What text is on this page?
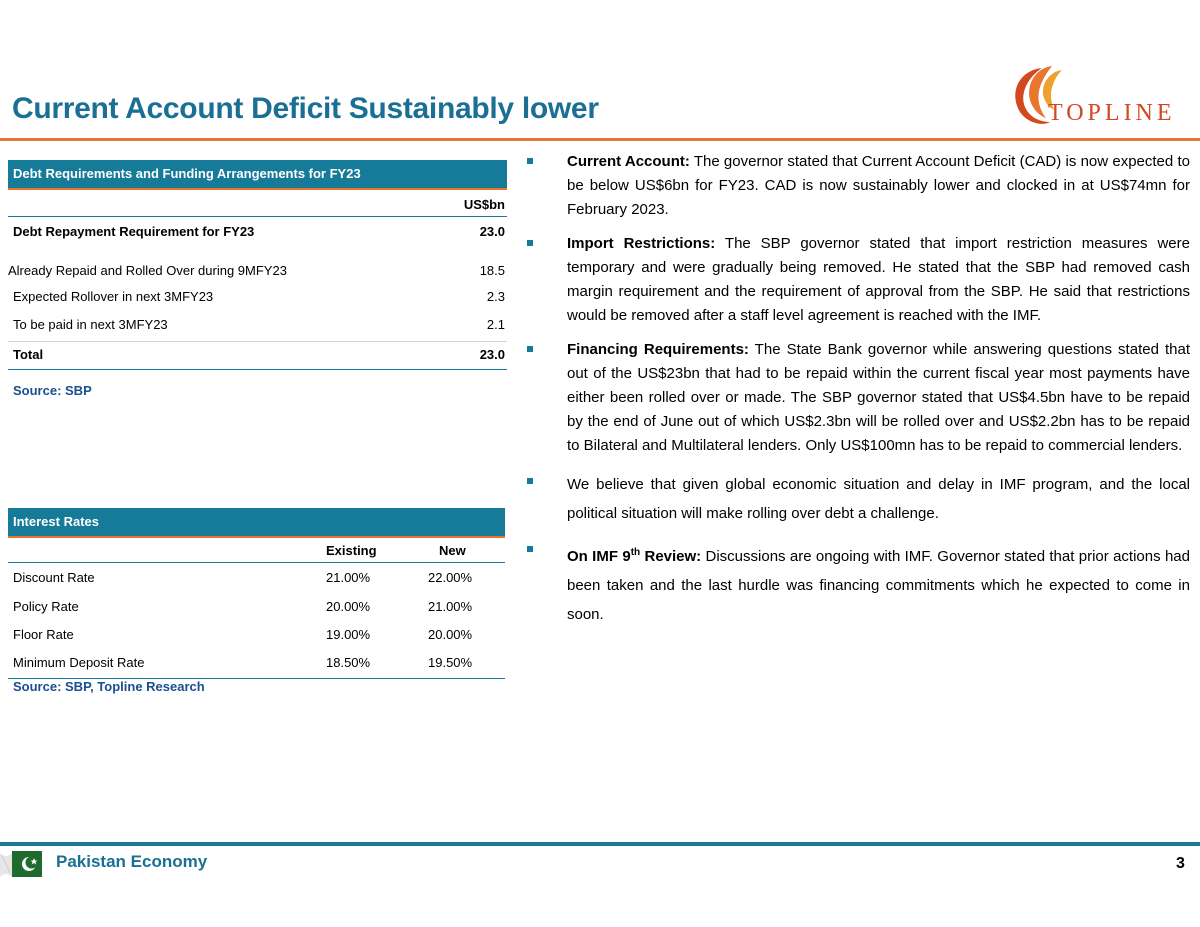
Current Account Deficit Sustainably lower	TOPLINE
Debt Requirements and Funding Arrangements for FY23
US$bn
Debt Repayment Requirement for FY23	23.0
Already Repaid and Rolled Over during 9MFY23	18.5
Expected Rollover in next 3MFY23	2.3
To be paid in next 3MFY23	2.1
Total	23.0
Source: SBP
Interest Rates
Existing	New
Discount Rate	21.00%	22.00%
Policy Rate	20.00%	21.00%
Floor Rate	19.00%	20.00%
Minimum Deposit Rate	18.50%	19.50%
Source: SBP, Topline Research
Current Account: The governor stated that Current Account Deficit (CAD) is now expected to be below US$6bn for FY23. CAD is now sustainably lower and clocked in at US$74mn for February 2023.
Import Restrictions: The SBP governor stated that import restriction measures were temporary and were gradually being removed. He stated that the SBP had removed cash margin requirement and the requirement of approval from the SBP. He said that restrictions would be removed after a staff level agreement is reached with the IMF.
Financing Requirements: The State Bank governor while answering questions stated that out of the US$23bn that had to be repaid within the current fiscal year most payments have either been rolled over or made. The SBP governor stated that US$4.5bn have to be repaid by the end of June out of which US$2.3bn will be rolled over and US$2.2bn has to be repaid to Bilateral and Multilateral lenders. Only US$100mn has to be repaid to commercial lenders.
We believe that given global economic situation and delay in IMF program, and the local political situation will make rolling over debt a challenge.
On IMF 9th Review: Discussions are ongoing with IMF. Governor stated that prior actions had been taken and the last hurdle was financing commitments which he expected to come in soon.
Pakistan Economy	3
